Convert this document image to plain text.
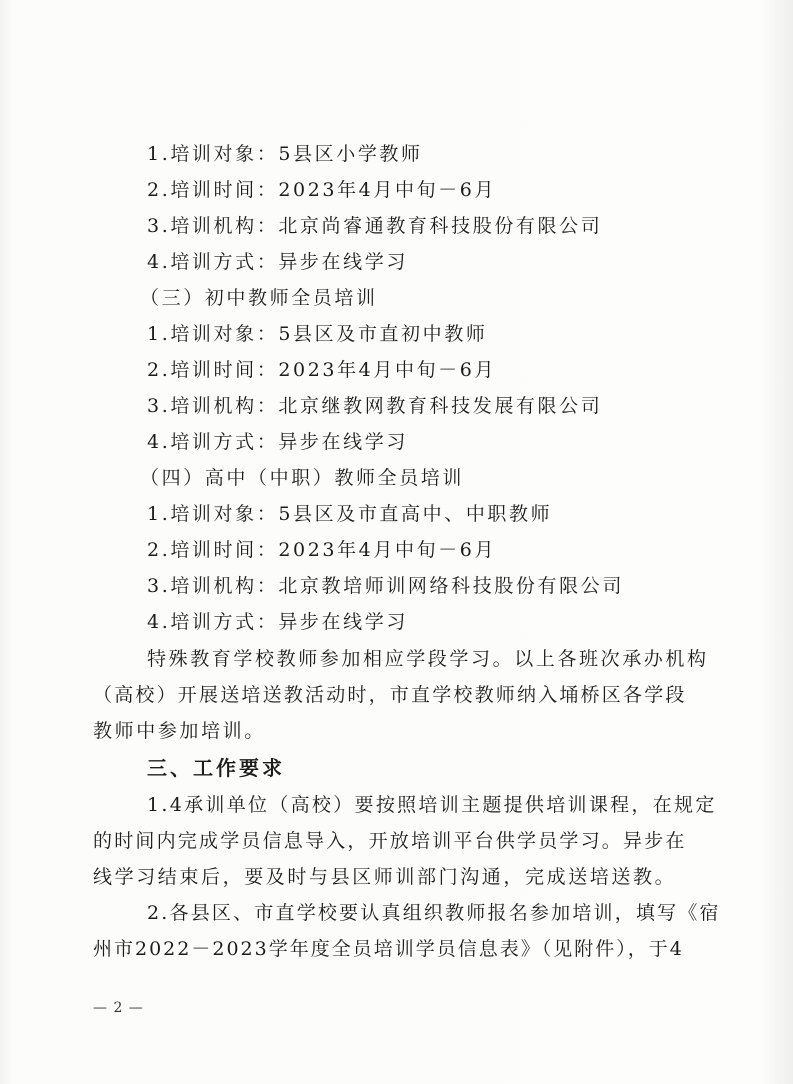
1.培训对象：5县区小学教师
2.培训时间：2023年4月中旬－6月
3.培训机构：北京尚睿通教育科技股份有限公司
4.培训方式：异步在线学习
（三）初中教师全员培训
1.培训对象：5县区及市直初中教师
2.培训时间：2023年4月中旬－6月
3.培训机构：北京继教网教育科技发展有限公司
4.培训方式：异步在线学习
（四）高中（中职）教师全员培训
1.培训对象：5县区及市直高中、中职教师
2.培训时间：2023年4月中旬－6月
3.培训机构：北京教培师训网络科技股份有限公司
4.培训方式：异步在线学习
特殊教育学校教师参加相应学段学习。以上各班次承办机构
（高校）开展送培送教活动时，市直学校教师纳入埇桥区各学段
教师中参加培训。
三、工作要求
1.4承训单位（高校）要按照培训主题提供培训课程，在规定
的时间内完成学员信息导入，开放培训平台供学员学习。异步在
线学习结束后，要及时与县区师训部门沟通，完成送培送教。
2.各县区、市直学校要认真组织教师报名参加培训，填写《宿
州市2022－2023学年度全员培训学员信息表》（见附件），于4
— 2 —
